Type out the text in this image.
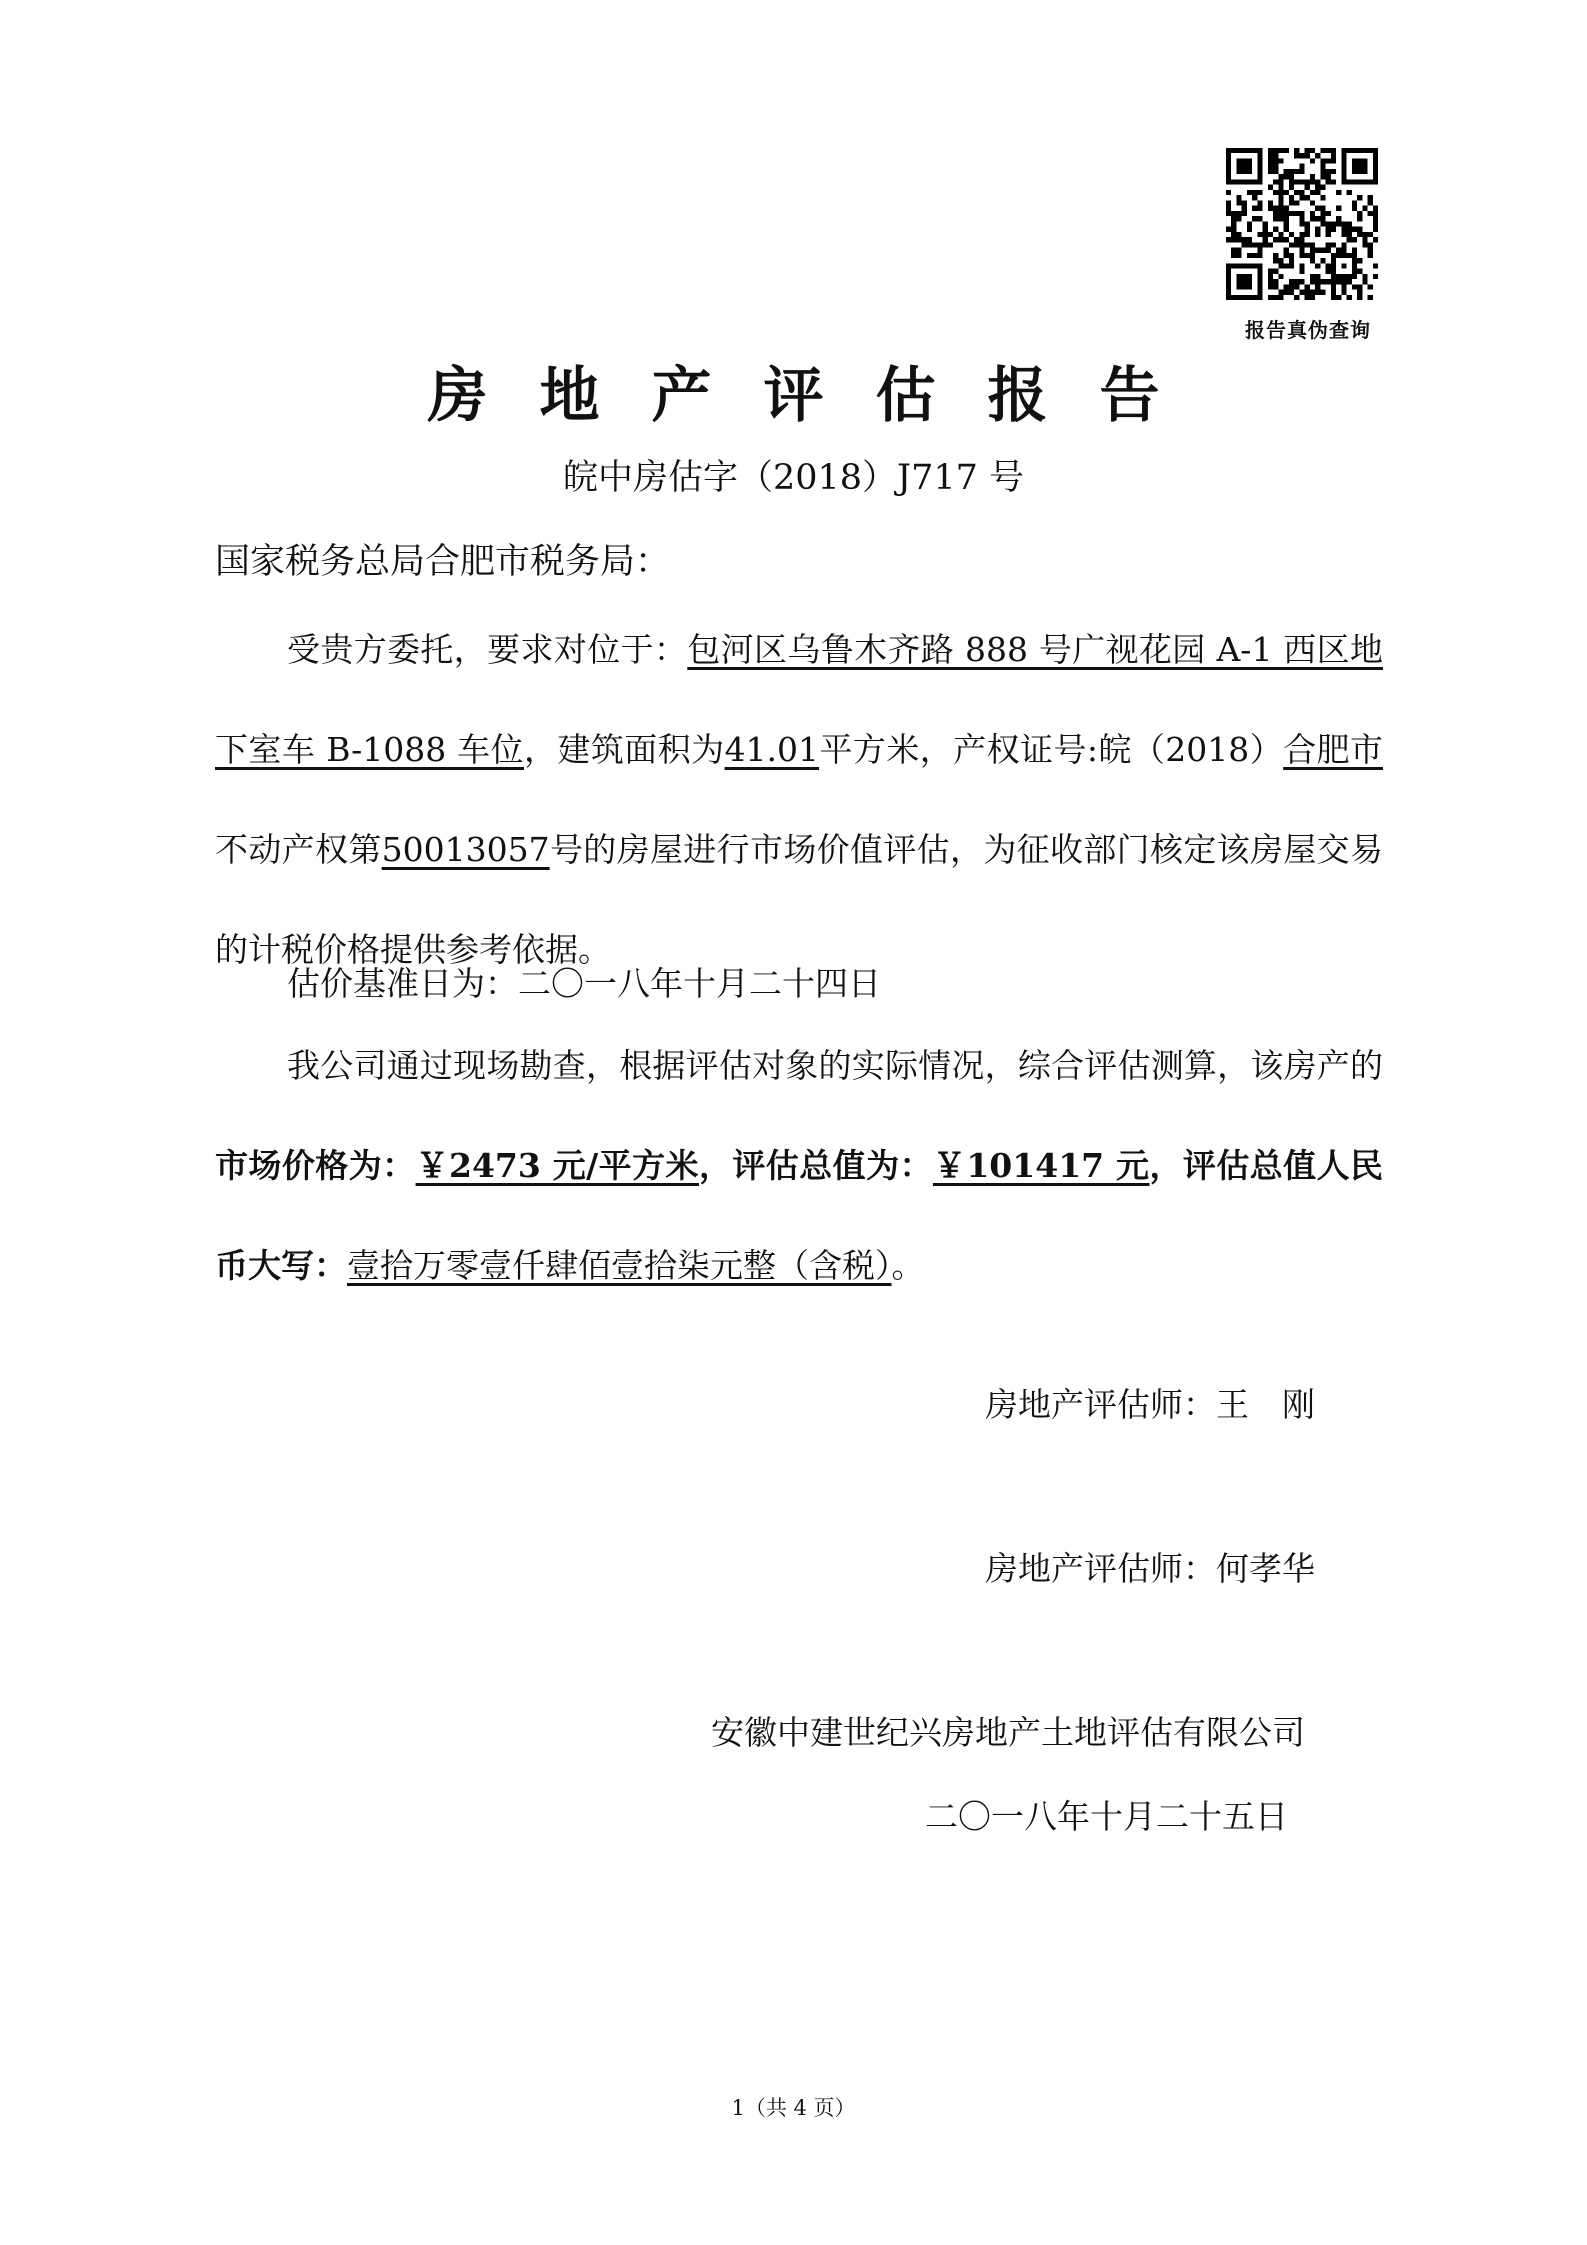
报告真伪查询
房地产评估报告
皖中房估字（2018）J717 号
国家税务总局合肥市税务局：
受贵方委托，要求对位于：包河区乌鲁木齐路 888 号广视花园 A-1 西区地下室车 B-1088 车位，建筑面积为41.01平方米，产权证号:皖（2018）合肥市不动产权第50013057号的房屋进行市场价值评估，为征收部门核定该房屋交易的计税价格提供参考依据。
估价基准日为：二〇一八年十月二十四日
我公司通过现场勘查，根据评估对象的实际情况，综合评估测算，该房产的市场价格为：￥2473 元/平方米，评估总值为：￥101417 元，评估总值人民币大写：壹拾万零壹仟肆佰壹拾柒元整（含税）。
房地产评估师：王　刚
房地产评估师：何孝华
安徽中建世纪兴房地产土地评估有限公司
二〇一八年十月二十五日
1（共 4 页）
